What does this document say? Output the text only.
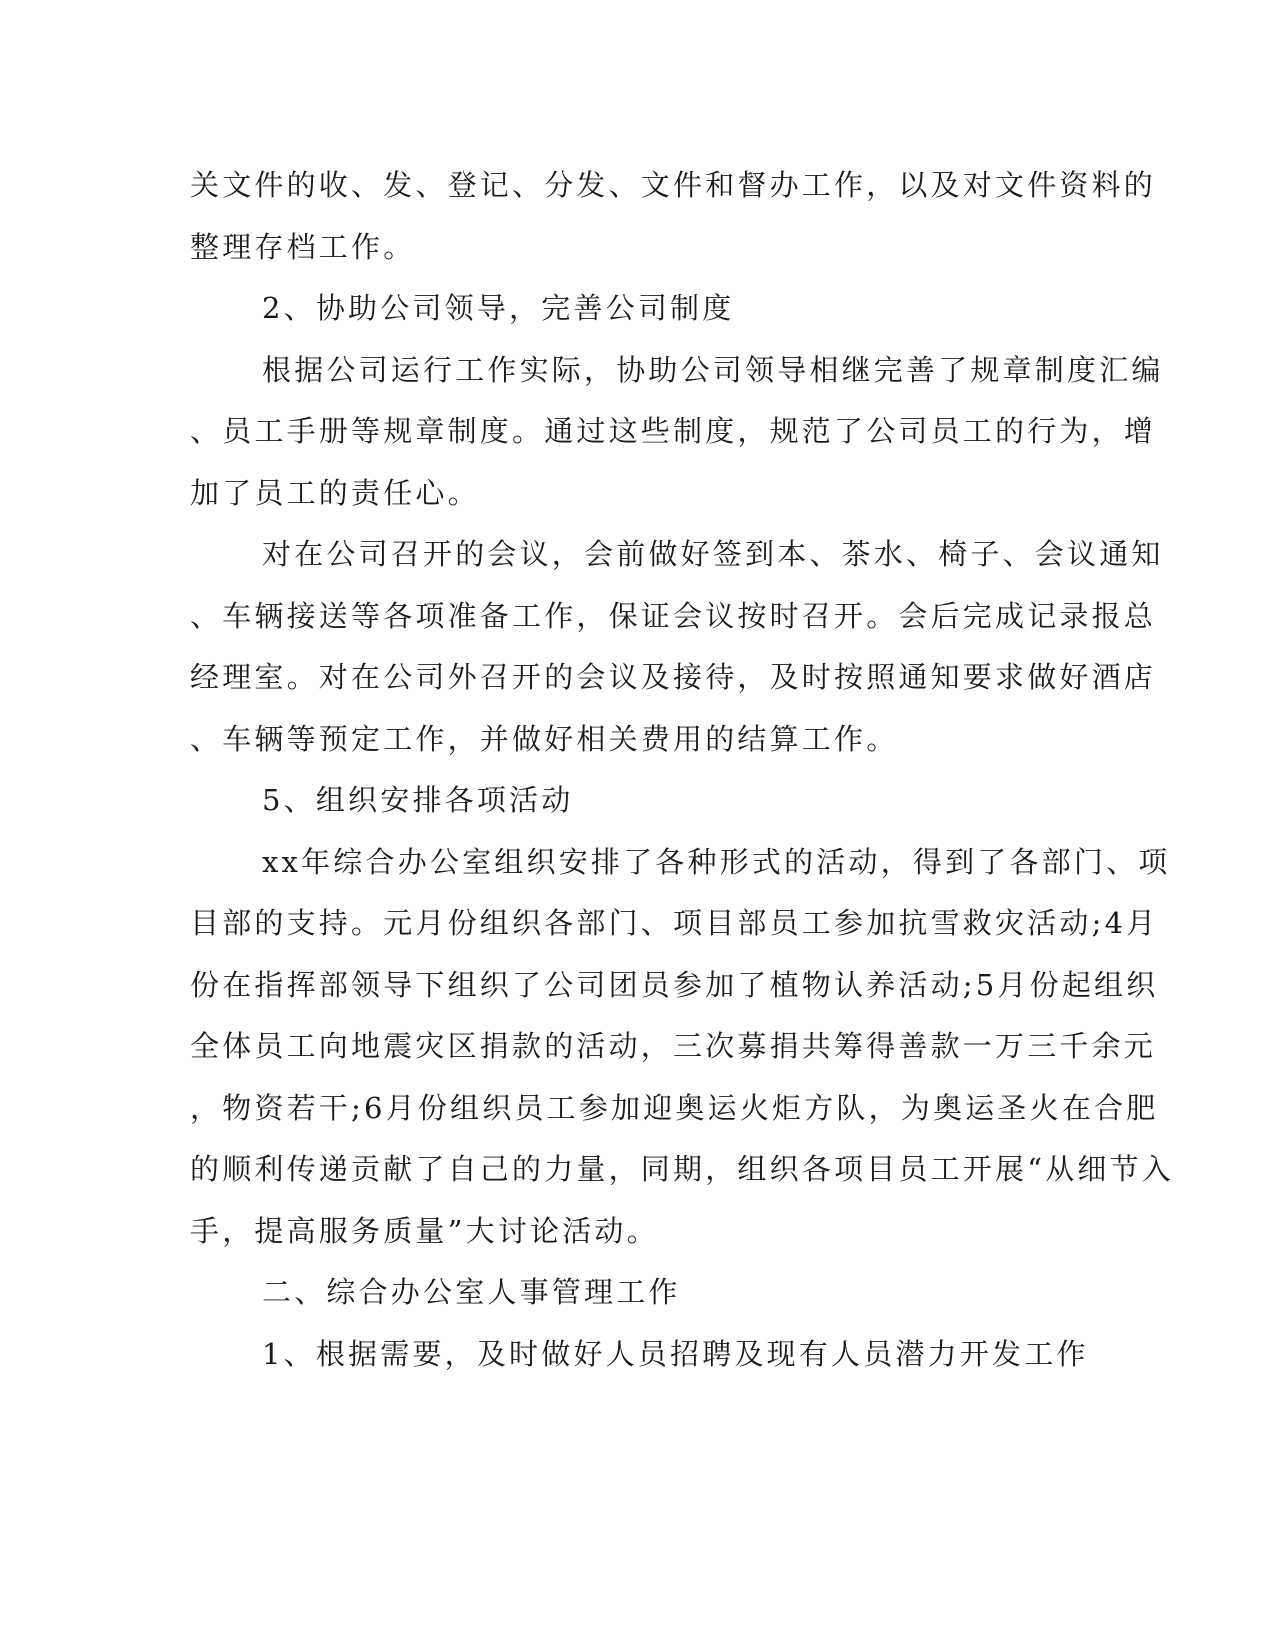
关文件的收、发、登记、分发、文件和督办工作，以及对文件资料的
整理存档工作。
2、协助公司领导，完善公司制度
根据公司运行工作实际，协助公司领导相继完善了规章制度汇编
、员工手册等规章制度。通过这些制度，规范了公司员工的行为，增
加了员工的责任心。
对在公司召开的会议，会前做好签到本、茶水、椅子、会议通知
、车辆接送等各项准备工作，保证会议按时召开。会后完成记录报总
经理室。对在公司外召开的会议及接待，及时按照通知要求做好酒店
、车辆等预定工作，并做好相关费用的结算工作。
5、组织安排各项活动
xx年综合办公室组织安排了各种形式的活动，得到了各部门、项
目部的支持。元月份组织各部门、项目部员工参加抗雪救灾活动;4月
份在指挥部领导下组织了公司团员参加了植物认养活动;5月份起组织
全体员工向地震灾区捐款的活动，三次募捐共筹得善款一万三千余元
，物资若干;6月份组织员工参加迎奥运火炬方队，为奥运圣火在合肥
的顺利传递贡献了自己的力量，同期，组织各项目员工开展“从细节入
手，提高服务质量”大讨论活动。
二、综合办公室人事管理工作
1、根据需要，及时做好人员招聘及现有人员潜力开发工作
